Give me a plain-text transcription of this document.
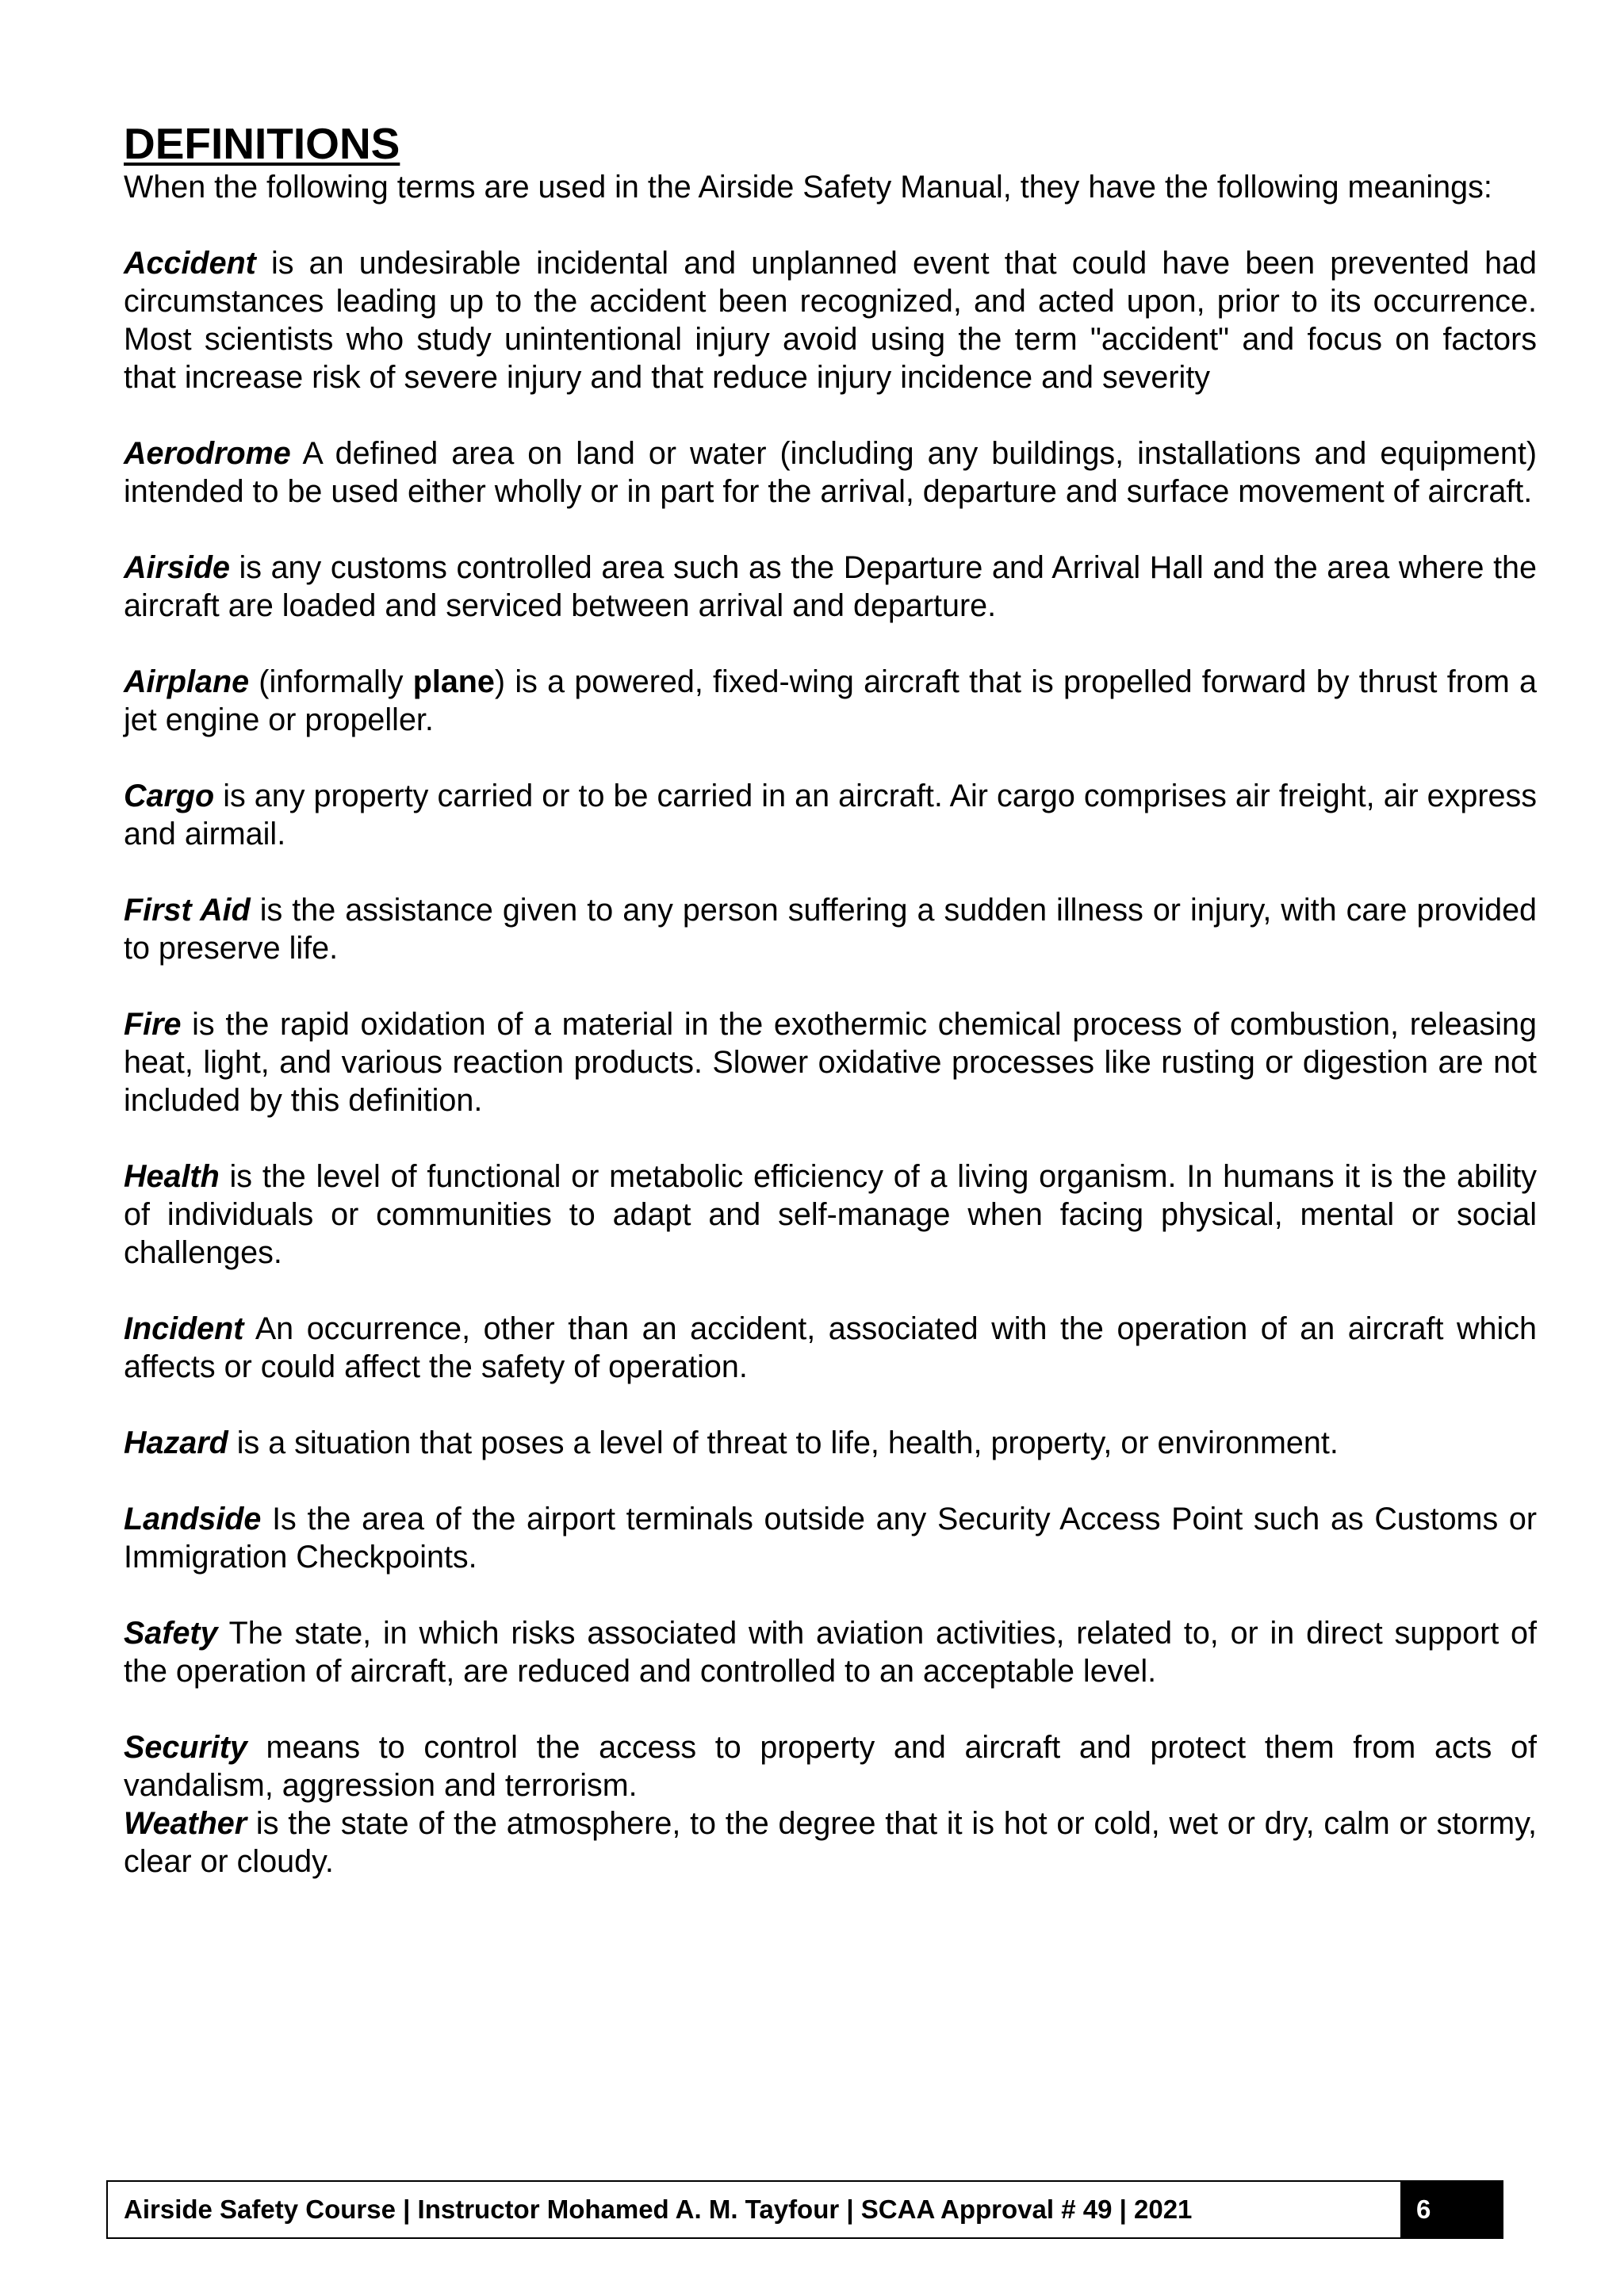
DEFINITIONS

When the following terms are used in the Airside Safety Manual, they have the following meanings:

Accident is an undesirable incidental and unplanned event that could have been prevented had circumstances leading up to the accident been recognized, and acted upon, prior to its occurrence. Most scientists who study unintentional injury avoid using the term "accident" and focus on factors that increase risk of severe injury and that reduce injury incidence and severity

Aerodrome A defined area on land or water (including any buildings, installations and equipment) intended to be used either wholly or in part for the arrival, departure and surface movement of aircraft.

Airside is any customs controlled area such as the Departure and Arrival Hall and the area where the aircraft are loaded and serviced between arrival and departure.

Airplane (informally plane) is a powered, fixed-wing aircraft that is propelled forward by thrust from a jet engine or propeller.

Cargo is any property carried or to be carried in an aircraft. Air cargo comprises air freight, air express and airmail.

First Aid is the assistance given to any person suffering a sudden illness or injury, with care provided to preserve life.

Fire is the rapid oxidation of a material in the exothermic chemical process of combustion, releasing heat, light, and various reaction products. Slower oxidative processes like rusting or digestion are not included by this definition.

Health is the level of functional or metabolic efficiency of a living organism. In humans it is the ability of individuals or communities to adapt and self-manage when facing physical, mental or social challenges.

Incident An occurrence, other than an accident, associated with the operation of an aircraft which affects or could affect the safety of operation.

Hazard is a situation that poses a level of threat to life, health, property, or environment.

Landside Is the area of the airport terminals outside any Security Access Point such as Customs or Immigration Checkpoints.

Safety The state, in which risks associated with aviation activities, related to, or in direct support of the operation of aircraft, are reduced and controlled to an acceptable level.

Security means to control the access to property and aircraft and protect them from acts of vandalism, aggression and terrorism.

Weather is the state of the atmosphere, to the degree that it is hot or cold, wet or dry, calm or stormy, clear or cloudy.

Airside Safety Course | Instructor Mohamed A. M. Tayfour | SCAA Approval # 49 | 2021	6
